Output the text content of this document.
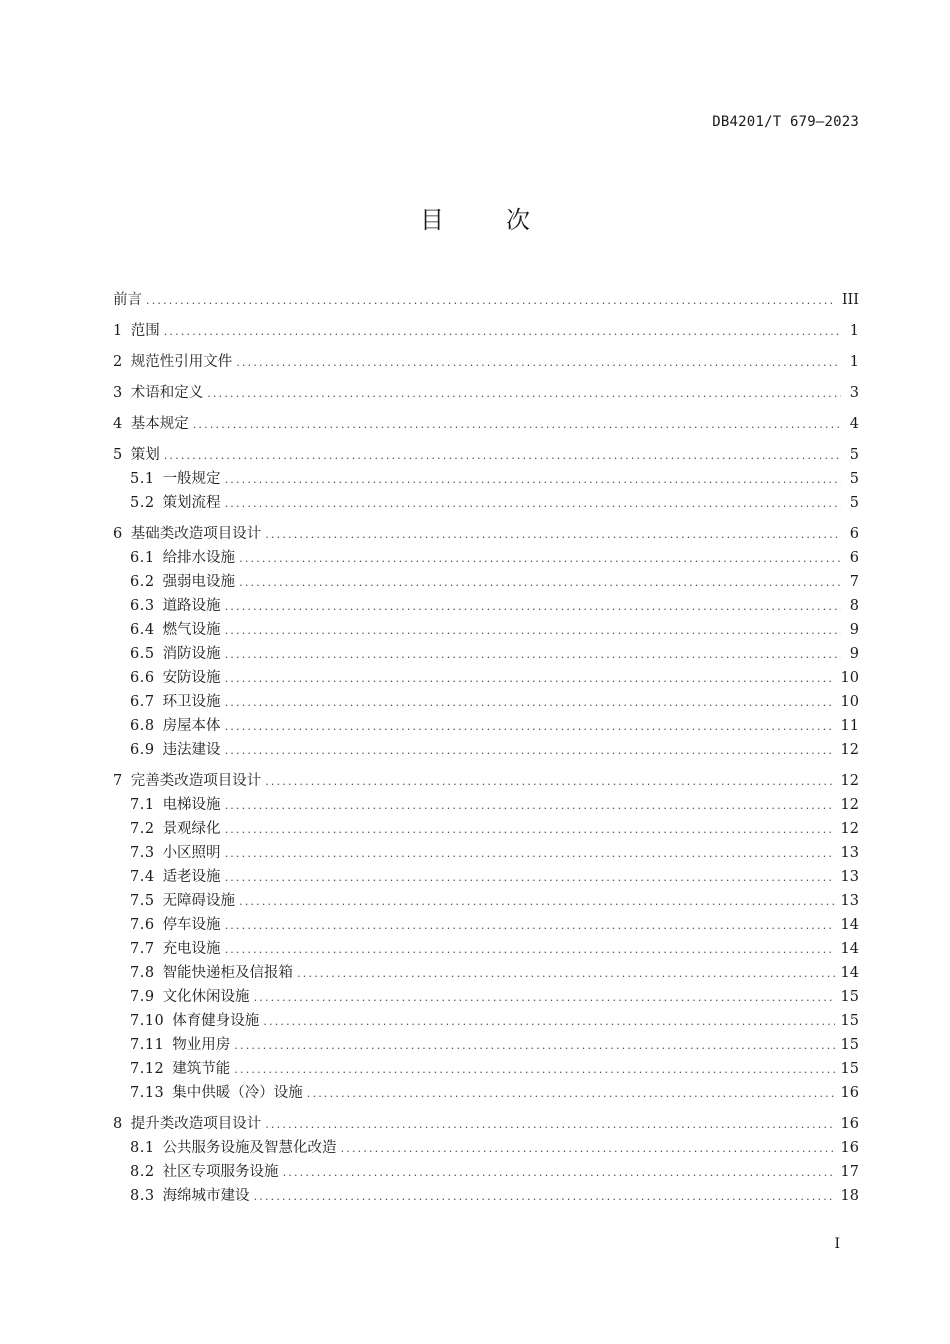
DB4201/T 679—2023
目	次
前言 .....	III
1 范围 .....	1
2 规范性引用文件 .....	1
3 术语和定义 .....	3
4 基本规定 .....	4
5 策划 .....	5
5.1 一般规定 .....	5
5.2 策划流程 .....	5
6 基础类改造项目设计 .....	6
6.1 给排水设施 .....	6
6.2 强弱电设施 .....	7
6.3 道路设施 .....	8
6.4 燃气设施 .....	9
6.5 消防设施 .....	9
6.6 安防设施 .....	10
6.7 环卫设施 .....	10
6.8 房屋本体 .....	11
6.9 违法建设 .....	12
7 完善类改造项目设计 .....	12
7.1 电梯设施 .....	12
7.2 景观绿化 .....	12
7.3 小区照明 .....	13
7.4 适老设施 .....	13
7.5 无障碍设施 .....	13
7.6 停车设施 .....	14
7.7 充电设施 .....	14
7.8 智能快递柜及信报箱 .....	14
7.9 文化休闲设施 .....	15
7.10 体育健身设施 .....	15
7.11 物业用房 .....	15
7.12 建筑节能 .....	15
7.13 集中供暖（冷）设施 .....	16
8 提升类改造项目设计 .....	16
8.1 公共服务设施及智慧化改造 .....	16
8.2 社区专项服务设施 .....	17
8.3 海绵城市建设 .....	18
I
